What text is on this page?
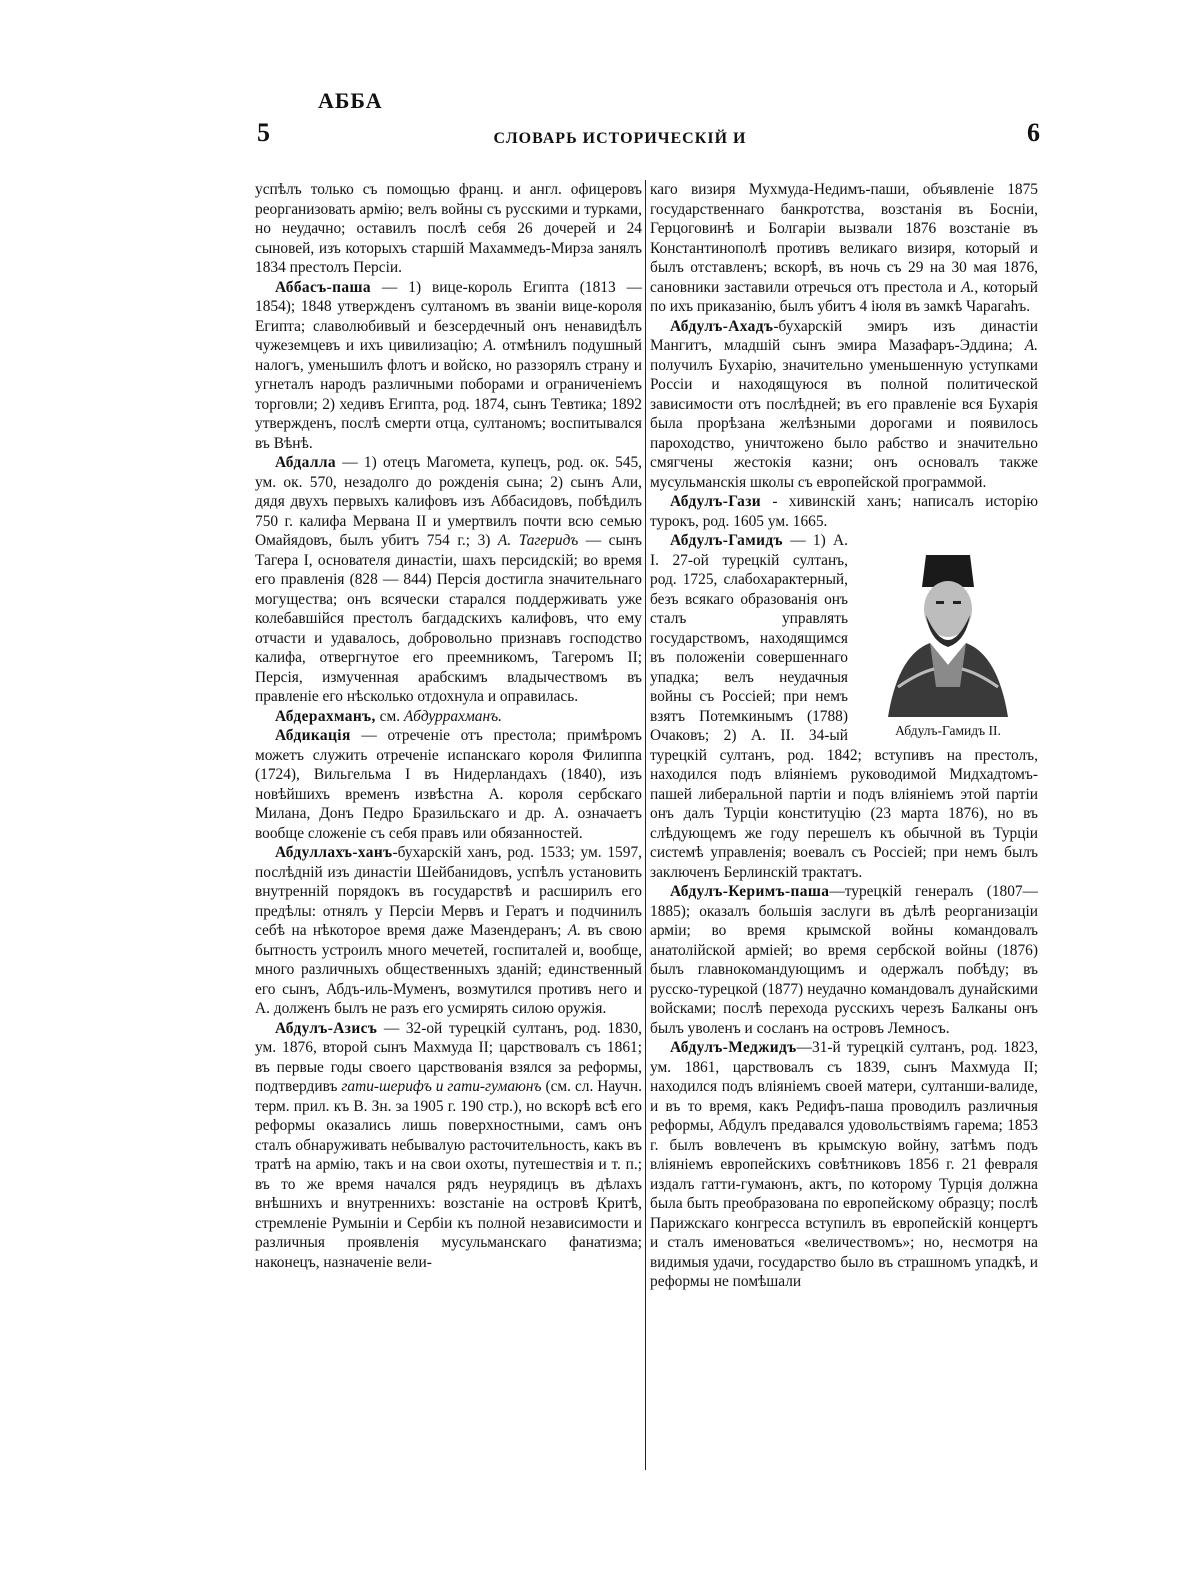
АББА
5	СЛОВАРЬ ИСТОРИЧЕСКIЙ И	6

успѣлъ только съ помощью франц. и англ. офицеровъ реорганизовать армію; велъ войны съ русскими и турками, но неудачно; оставилъ послѣ себя 26 дочерей и 24 сыновей, изъ которыхъ старшій Махаммедъ-Мирза занялъ 1834 престолъ Персіи.

Аббасъ-паша — 1) вице-король Египта (1813 — 1854); 1848 утвержденъ султаномъ въ званіи вице-короля Египта; славолюбивый и безсердечный онъ ненавидѣлъ чужеземцевъ и ихъ цивилизацію; А. отмѣнилъ подушный налогъ, уменьшилъ флотъ и войско, но раззорялъ страну и угнеталъ народъ различными поборами и ограниченіемъ торговли; 2) хедивъ Египта, род. 1874, сынъ Тевтика; 1892 утвержденъ, послѣ смерти отца, султаномъ; воспитывался въ Вѣнѣ.

Абдалла — 1) отецъ Магомета, купецъ, род. ок. 545, ум. ок. 570, незадолго до рожденія сына; 2) сынъ Али, дядя двухъ первыхъ калифовъ изъ Аббасидовъ, побѣдилъ 750 г. калифа Мервана II и умертвилъ почти всю семью Омайядовъ, былъ убитъ 754 г.; 3) А. Тагеридъ — сынъ Тагера I, основателя династіи, шахъ персидскій; во время его правленія (828 — 844) Персія достигла значительнаго могущества; онъ всячески старался поддерживать уже колебавшійся престолъ багдадскихъ калифовъ, что ему отчасти и удавалось, добровольно признавъ господство калифа, отвергнутое его преемникомъ, Тагеромъ II; Персія, измученная арабскимъ владычествомъ въ правленіе его нѣсколько отдохнула и оправилась.

Абдерахманъ, см. Абдуррахманъ.

Абдикація — отреченіе отъ престола; примѣромъ можетъ служить отреченіе испанскаго короля Филиппа (1724), Вильгельма I въ Нидерландахъ (1840), изъ новѣйшихъ временъ извѣстна А. короля сербскаго Милана, Донъ Педро Бразильскаго и др. А. означаетъ вообще сложеніе съ себя правъ или обязанностей.

Абдуллахъ-ханъ-бухарскій ханъ, род. 1533; ум. 1597, послѣдній изъ династіи Шейбанидовъ, успѣлъ установить внутренній порядокъ въ государствѣ и расширилъ его предѣлы: отнялъ у Персіи Мервъ и Гератъ и подчинилъ себѣ на нѣкоторое время даже Мазендеранъ; А. въ свою бытность устроилъ много мечетей, госпиталей и, вообще, много различныхъ общественныхъ зданій; единственный его сынъ, Абдъ-иль-Муменъ, возмутился противъ него и А. долженъ былъ не разъ его усмирять силою оружія.

Абдулъ-Азисъ — 32-ой турецкій султанъ, род. 1830, ум. 1876, второй сынъ Махмуда II; царствовалъ съ 1861; въ первые годы своего царствованія взялся за реформы, подтвердивъ гати-шерифъ и гати-гумаюнъ (см. сл. Научн. терм. прил. къ В. Зн. за 1905 г. 190 стр.), но вскорѣ всѣ его реформы оказались лишь поверхностными, самъ онъ сталъ обнаруживать небывалую расточительность, какъ въ тратѣ на армію, такъ и на свои охоты, путешествія и т. п.; въ то же время начался рядъ неурядицъ въ дѣлахъ внѣшнихъ и внутреннихъ: возстаніе на островѣ Критѣ, стремленіе Румыніи и Сербіи къ полной независимости и различныя проявленія мусульманскаго фанатизма; наконецъ, назначеніе вели-

каго визиря Мухмуда-Недимъ-паши, объявленіе 1875 государственнаго банкротства, возстанія въ Босніи, Герцоговинѣ и Болгаріи вызвали 1876 возстаніе въ Константинополѣ противъ великаго визиря, который и былъ отставленъ; вскорѣ, въ ночь съ 29 на 30 мая 1876, сановники заставили отречься отъ престола и А., который по ихъ приказанію, былъ убитъ 4 іюля въ замкѣ Чарагаhъ.

Абдулъ-Ахадъ-бухарскій эмиръ изъ династіи Мангитъ, младшій сынъ эмира Мазафаръ-Эддина; А. получилъ Бухарію, значительно уменьшенную уступками Россіи и находящуюся въ полной политической зависимости отъ послѣдней; въ его правленіе вся Бухарія была прорѣзана желѣзными дорогами и появилось пароходство, уничтожено было рабство и значительно смягчены жестокія казни; онъ основалъ также мусульманскія школы съ европейской программой.

Абдулъ-Гази - хивинскій ханъ; написалъ исторію турокъ, род. 1605 ум. 1665.

Абдулъ-Гамидъ II.
Абдулъ-Гамидъ — 1) А. I. 27-ой турецкій султанъ, род. 1725, слабохарактерный, безъ всякаго образованія онъ сталъ управлять государствомъ, находящимся въ положеніи совершеннаго упадка; велъ неудачныя войны съ Россіей; при немъ взятъ Потемкинымъ (1788) Очаковъ; 2) А. II. 34-ый турецкій султанъ, род. 1842; вступивъ на престолъ, находился подъ вліяніемъ руководимой Мидхадтомъ-пашей либеральной партіи и подъ вліяніемъ этой партіи онъ далъ Турціи конституцію (23 марта 1876), но въ слѣдующемъ же году перешелъ къ обычной въ Турціи системѣ управленія; воевалъ съ Россіей; при немъ былъ заключенъ Берлинскій трактатъ.

Абдулъ-Керимъ-паша—турецкій генералъ (1807—1885); оказалъ большія заслуги въ дѣлѣ реорганизаціи арміи; во время крымской войны командовалъ анатолійской арміей; во время сербской войны (1876) былъ главнокомандующимъ и одержалъ побѣду; въ русско-турецкой (1877) неудачно командовалъ дунайскими войсками; послѣ перехода русскихъ черезъ Балканы онъ былъ уволенъ и сосланъ на островъ Лемносъ.

Абдулъ-Меджидъ—31-й турецкій султанъ, род. 1823, ум. 1861, царствовалъ съ 1839, сынъ Махмуда II; находился подъ вліяніемъ своей матери, султанши-валиде, и въ то время, какъ Редифъ-паша проводилъ различныя реформы, Абдулъ предавался удовольствіямъ гарема; 1853 г. былъ вовлеченъ въ крымскую войну, затѣмъ подъ вліяніемъ европейскихъ совѣтниковъ 1856 г. 21 февраля издалъ гатти-гумаюнъ, актъ, по которому Турція должна была быть преобразована по европейскому образцу; послѣ Парижскаго конгресса вступилъ въ европейскій концертъ и сталъ именоваться «величествомъ»; но, несмотря на видимыя удачи, государство было въ страшномъ упадкѣ, и реформы не помѣшали
